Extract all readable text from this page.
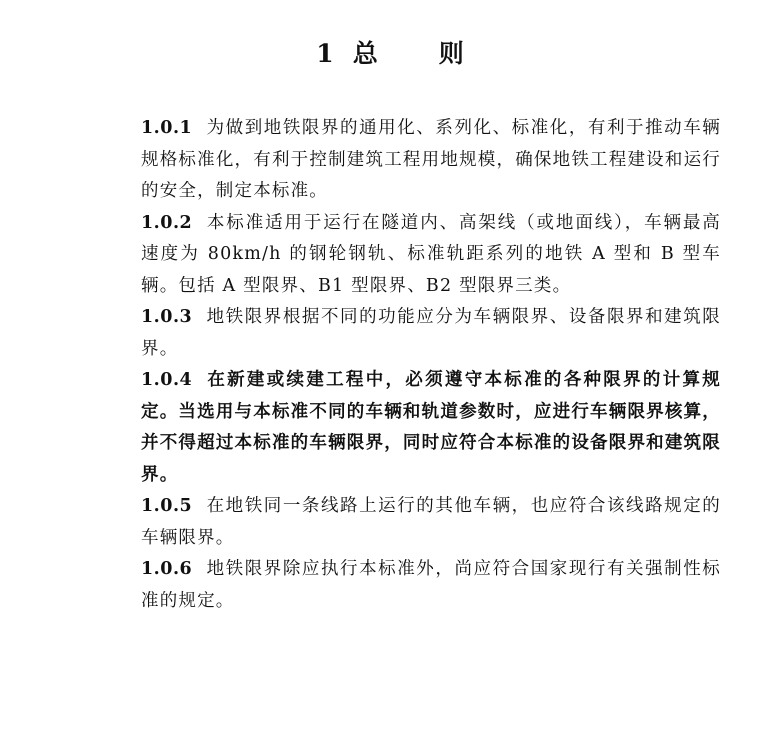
1 总 则

1.0.1 为做到地铁限界的通用化、系列化、标准化，有利于推动车辆规格标准化，有利于控制建筑工程用地规模，确保地铁工程建设和运行的安全，制定本标准。

1.0.2 本标准适用于运行在隧道内、高架线（或地面线），车辆最高速度为 80km/h 的钢轮钢轨、标准轨距系列的地铁 A 型和 B 型车辆。包括 A 型限界、B1 型限界、B2 型限界三类。

1.0.3 地铁限界根据不同的功能应分为车辆限界、设备限界和建筑限界。

1.0.4 在新建或续建工程中，必须遵守本标准的各种限界的计算规定。当选用与本标准不同的车辆和轨道参数时，应进行车辆限界核算，并不得超过本标准的车辆限界，同时应符合本标准的设备限界和建筑限界。

1.0.5 在地铁同一条线路上运行的其他车辆，也应符合该线路规定的车辆限界。

1.0.6 地铁限界除应执行本标准外，尚应符合国家现行有关强制性标准的规定。
